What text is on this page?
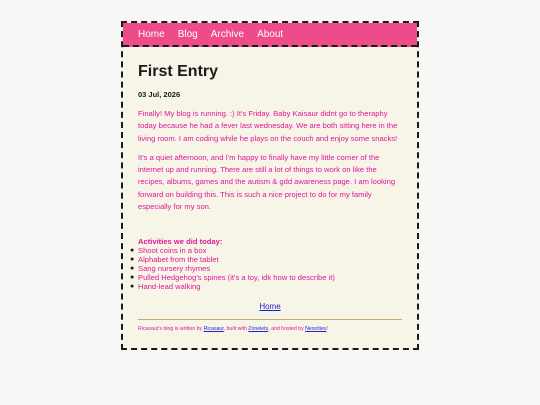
Home Blog Archive About
First Entry
03 Jul, 2026

Finally! My blog is running. :) It's Friday. Baby Kaisaur didnt go to theraphy today because he had a fever last wednesday. We are both sitting here in the living room. I am coding while he plays on the couch and enjoy some snacks!

It's a quiet afternoon, and I'm happy to finally have my little corner of the internet up and running. There are still a lot of things to work on like the recipes, albums, games and the autism & gdd awareness page. I am looking forward on building this. This is such a nice project to do for my family especially for my son.

Activities we did today:
● Shoot coins in a box
● Alphabet from the tablet
● Sang nursery rhymes
● Pulled Hedgehog's spines (it's a toy, idk how to describe it)
● Hand-lead walking
Home
Ricasaur's blog is written by Ricasaur, built with Zonelets, and hosted by Neocities!
